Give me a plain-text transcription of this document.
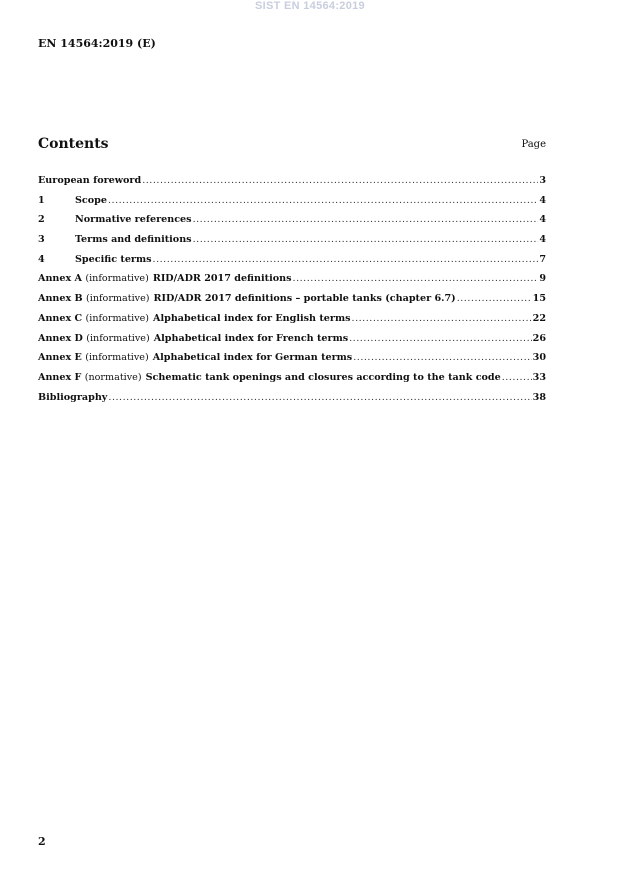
SIST EN 14564:2019
EN 14564:2019 (E)
Contents	Page
European foreword .....	3
1	Scope .....	4
2	Normative references .....	4
3	Terms and definitions .....	4
4	Specific terms .....	7
Annex A (informative) RID/ADR 2017 definitions .....	9
Annex B (informative) RID/ADR 2017 definitions – portable tanks (chapter 6.7) .....	15
Annex C (informative) Alphabetical index for English terms .....	22
Annex D (informative) Alphabetical index for French terms .....	26
Annex E (informative) Alphabetical index for German terms .....	30
Annex F (normative) Schematic tank openings and closures according to the tank code .....	33
Bibliography .....	38
2
